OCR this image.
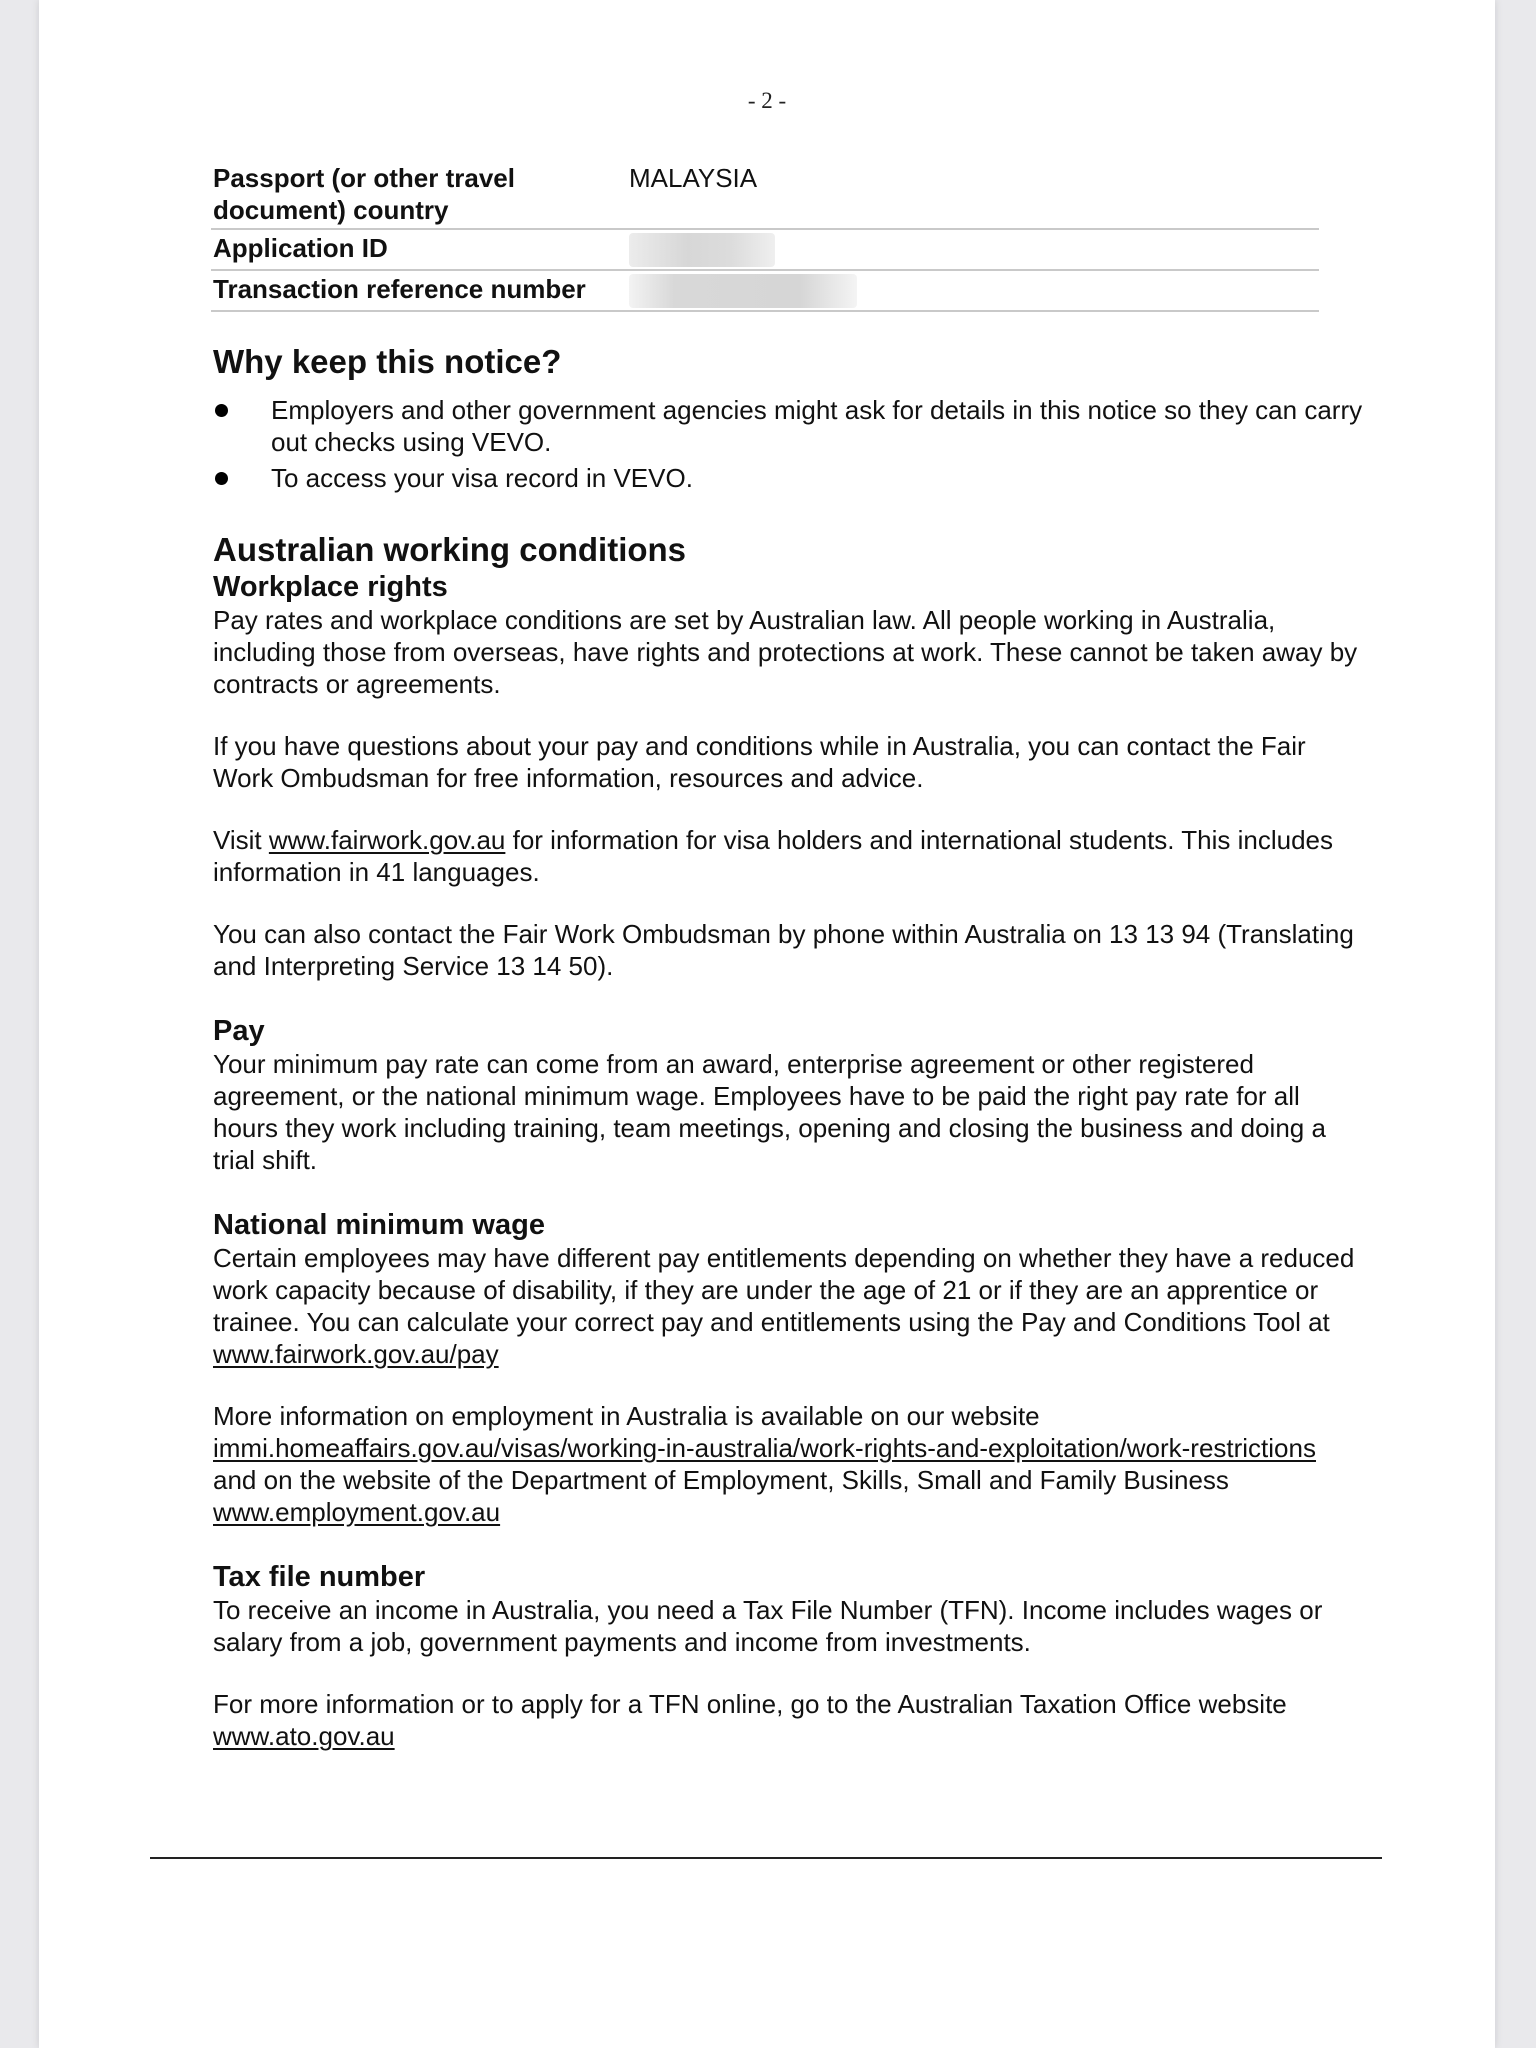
- 2 -
Passport (or other travel document) country	MALAYSIA
Application ID	
Transaction reference number	
Why keep this notice?
Employers and other government agencies might ask for details in this notice so they can carry out checks using VEVO.
To access your visa record in VEVO.
Australian working conditions
Workplace rights

Pay rates and workplace conditions are set by Australian law. All people working in Australia, including those from overseas, have rights and protections at work. These cannot be taken away by contracts or agreements.

If you have questions about your pay and conditions while in Australia, you can contact the Fair Work Ombudsman for free information, resources and advice.

Visit www.fairwork.gov.au for information for visa holders and international students. This includes information in 41 languages.

You can also contact the Fair Work Ombudsman by phone within Australia on 13 13 94 (Translating and Interpreting Service 13 14 50).

Pay

Your minimum pay rate can come from an award, enterprise agreement or other registered agreement, or the national minimum wage. Employees have to be paid the right pay rate for all hours they work including training, team meetings, opening and closing the business and doing a trial shift.

National minimum wage

Certain employees may have different pay entitlements depending on whether they have a reduced work capacity because of disability, if they are under the age of 21 or if they are an apprentice or trainee. You can calculate your correct pay and entitlements using the Pay and Conditions Tool at www.fairwork.gov.au/pay

More information on employment in Australia is available on our website immi.homeaffairs.gov.au/visas/working-in-australia/work-rights-and-exploitation/work-restrictions and on the website of the Department of Employment, Skills, Small and Family Business www.employment.gov.au

Tax file number

To receive an income in Australia, you need a Tax File Number (TFN). Income includes wages or salary from a job, government payments and income from investments.

For more information or to apply for a TFN online, go to the Australian Taxation Office website www.ato.gov.au
